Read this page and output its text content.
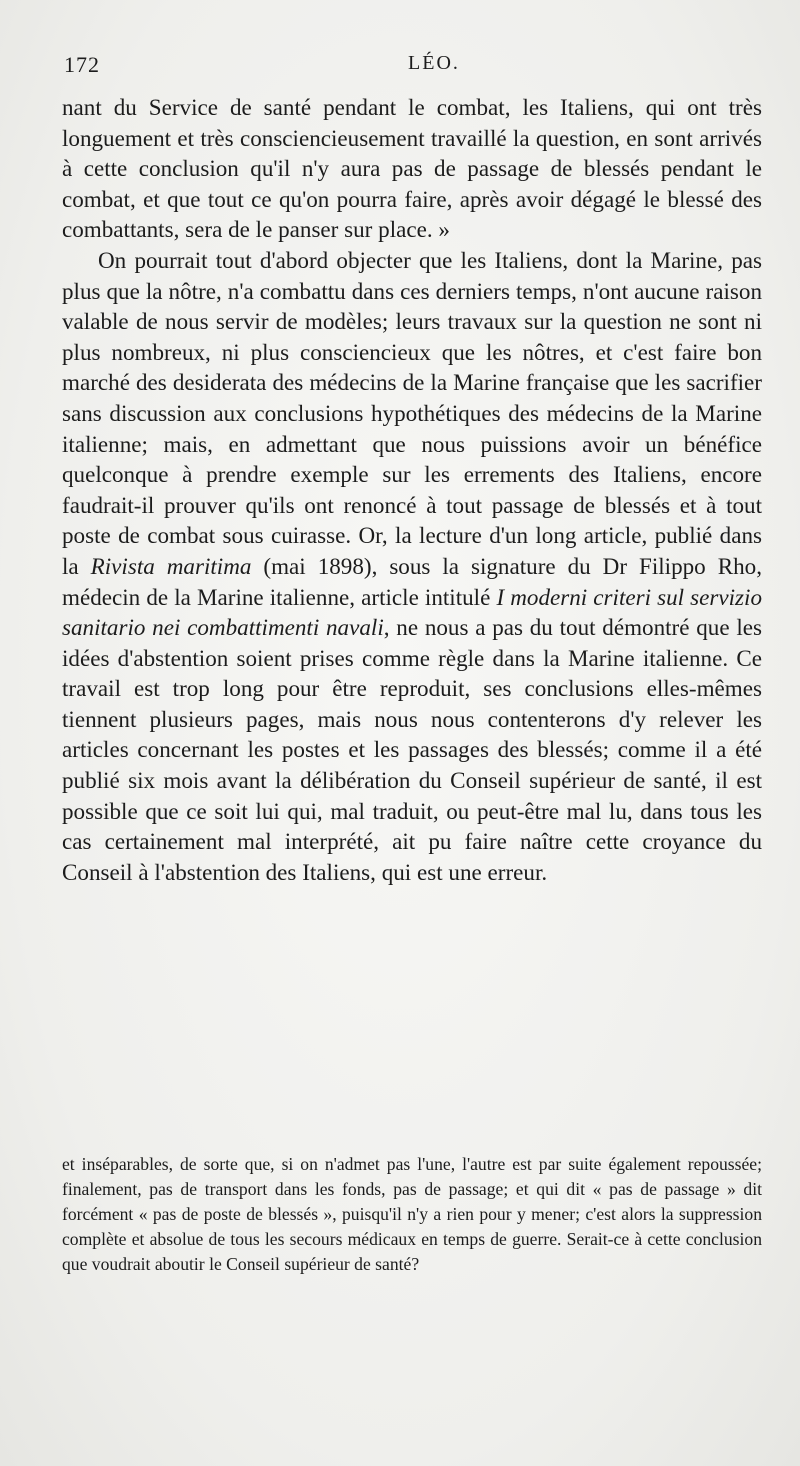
172	LÉO.

nant du Service de santé pendant le combat, les Italiens, qui ont très longuement et très consciencieusement travaillé la question, en sont arrivés à cette conclusion qu'il n'y aura pas de passage de blessés pendant le combat, et que tout ce qu'on pourra faire, après avoir dégagé le blessé des combattants, sera de le panser sur place. »

On pourrait tout d'abord objecter que les Italiens, dont la Marine, pas plus que la nôtre, n'a combattu dans ces derniers temps, n'ont aucune raison valable de nous servir de modèles; leurs travaux sur la question ne sont ni plus nombreux, ni plus consciencieux que les nôtres, et c'est faire bon marché des desiderata des médecins de la Marine française que les sacrifier sans discussion aux conclusions hypothétiques des médecins de la Marine italienne; mais, en admettant que nous puissions avoir un bénéfice quelconque à prendre exemple sur les errements des Italiens, encore faudrait-il prouver qu'ils ont renoncé à tout passage de blessés et à tout poste de combat sous cuirasse. Or, la lecture d'un long article, publié dans la Rivista maritima (mai 1898), sous la signature du Dr Filippo Rho, médecin de la Marine italienne, article intitulé I moderni criteri sul servizio sanitario nei combattimenti navali, ne nous a pas du tout démontré que les idées d'abstention soient prises comme règle dans la Marine italienne. Ce travail est trop long pour être reproduit, ses conclusions elles-mêmes tiennent plusieurs pages, mais nous nous contenterons d'y relever les articles concernant les postes et les passages des blessés; comme il a été publié six mois avant la délibération du Conseil supérieur de santé, il est possible que ce soit lui qui, mal traduit, ou peut-être mal lu, dans tous les cas certainement mal interprété, ait pu faire naître cette croyance du Conseil à l'abstention des Italiens, qui est une erreur.

et inséparables, de sorte que, si on n'admet pas l'une, l'autre est par suite également repoussée; finalement, pas de transport dans les fonds, pas de passage; et qui dit « pas de passage » dit forcément « pas de poste de blessés », puisqu'il n'y a rien pour y mener; c'est alors la suppression complète et absolue de tous les secours médicaux en temps de guerre. Serait-ce à cette conclusion que voudrait aboutir le Conseil supérieur de santé?
